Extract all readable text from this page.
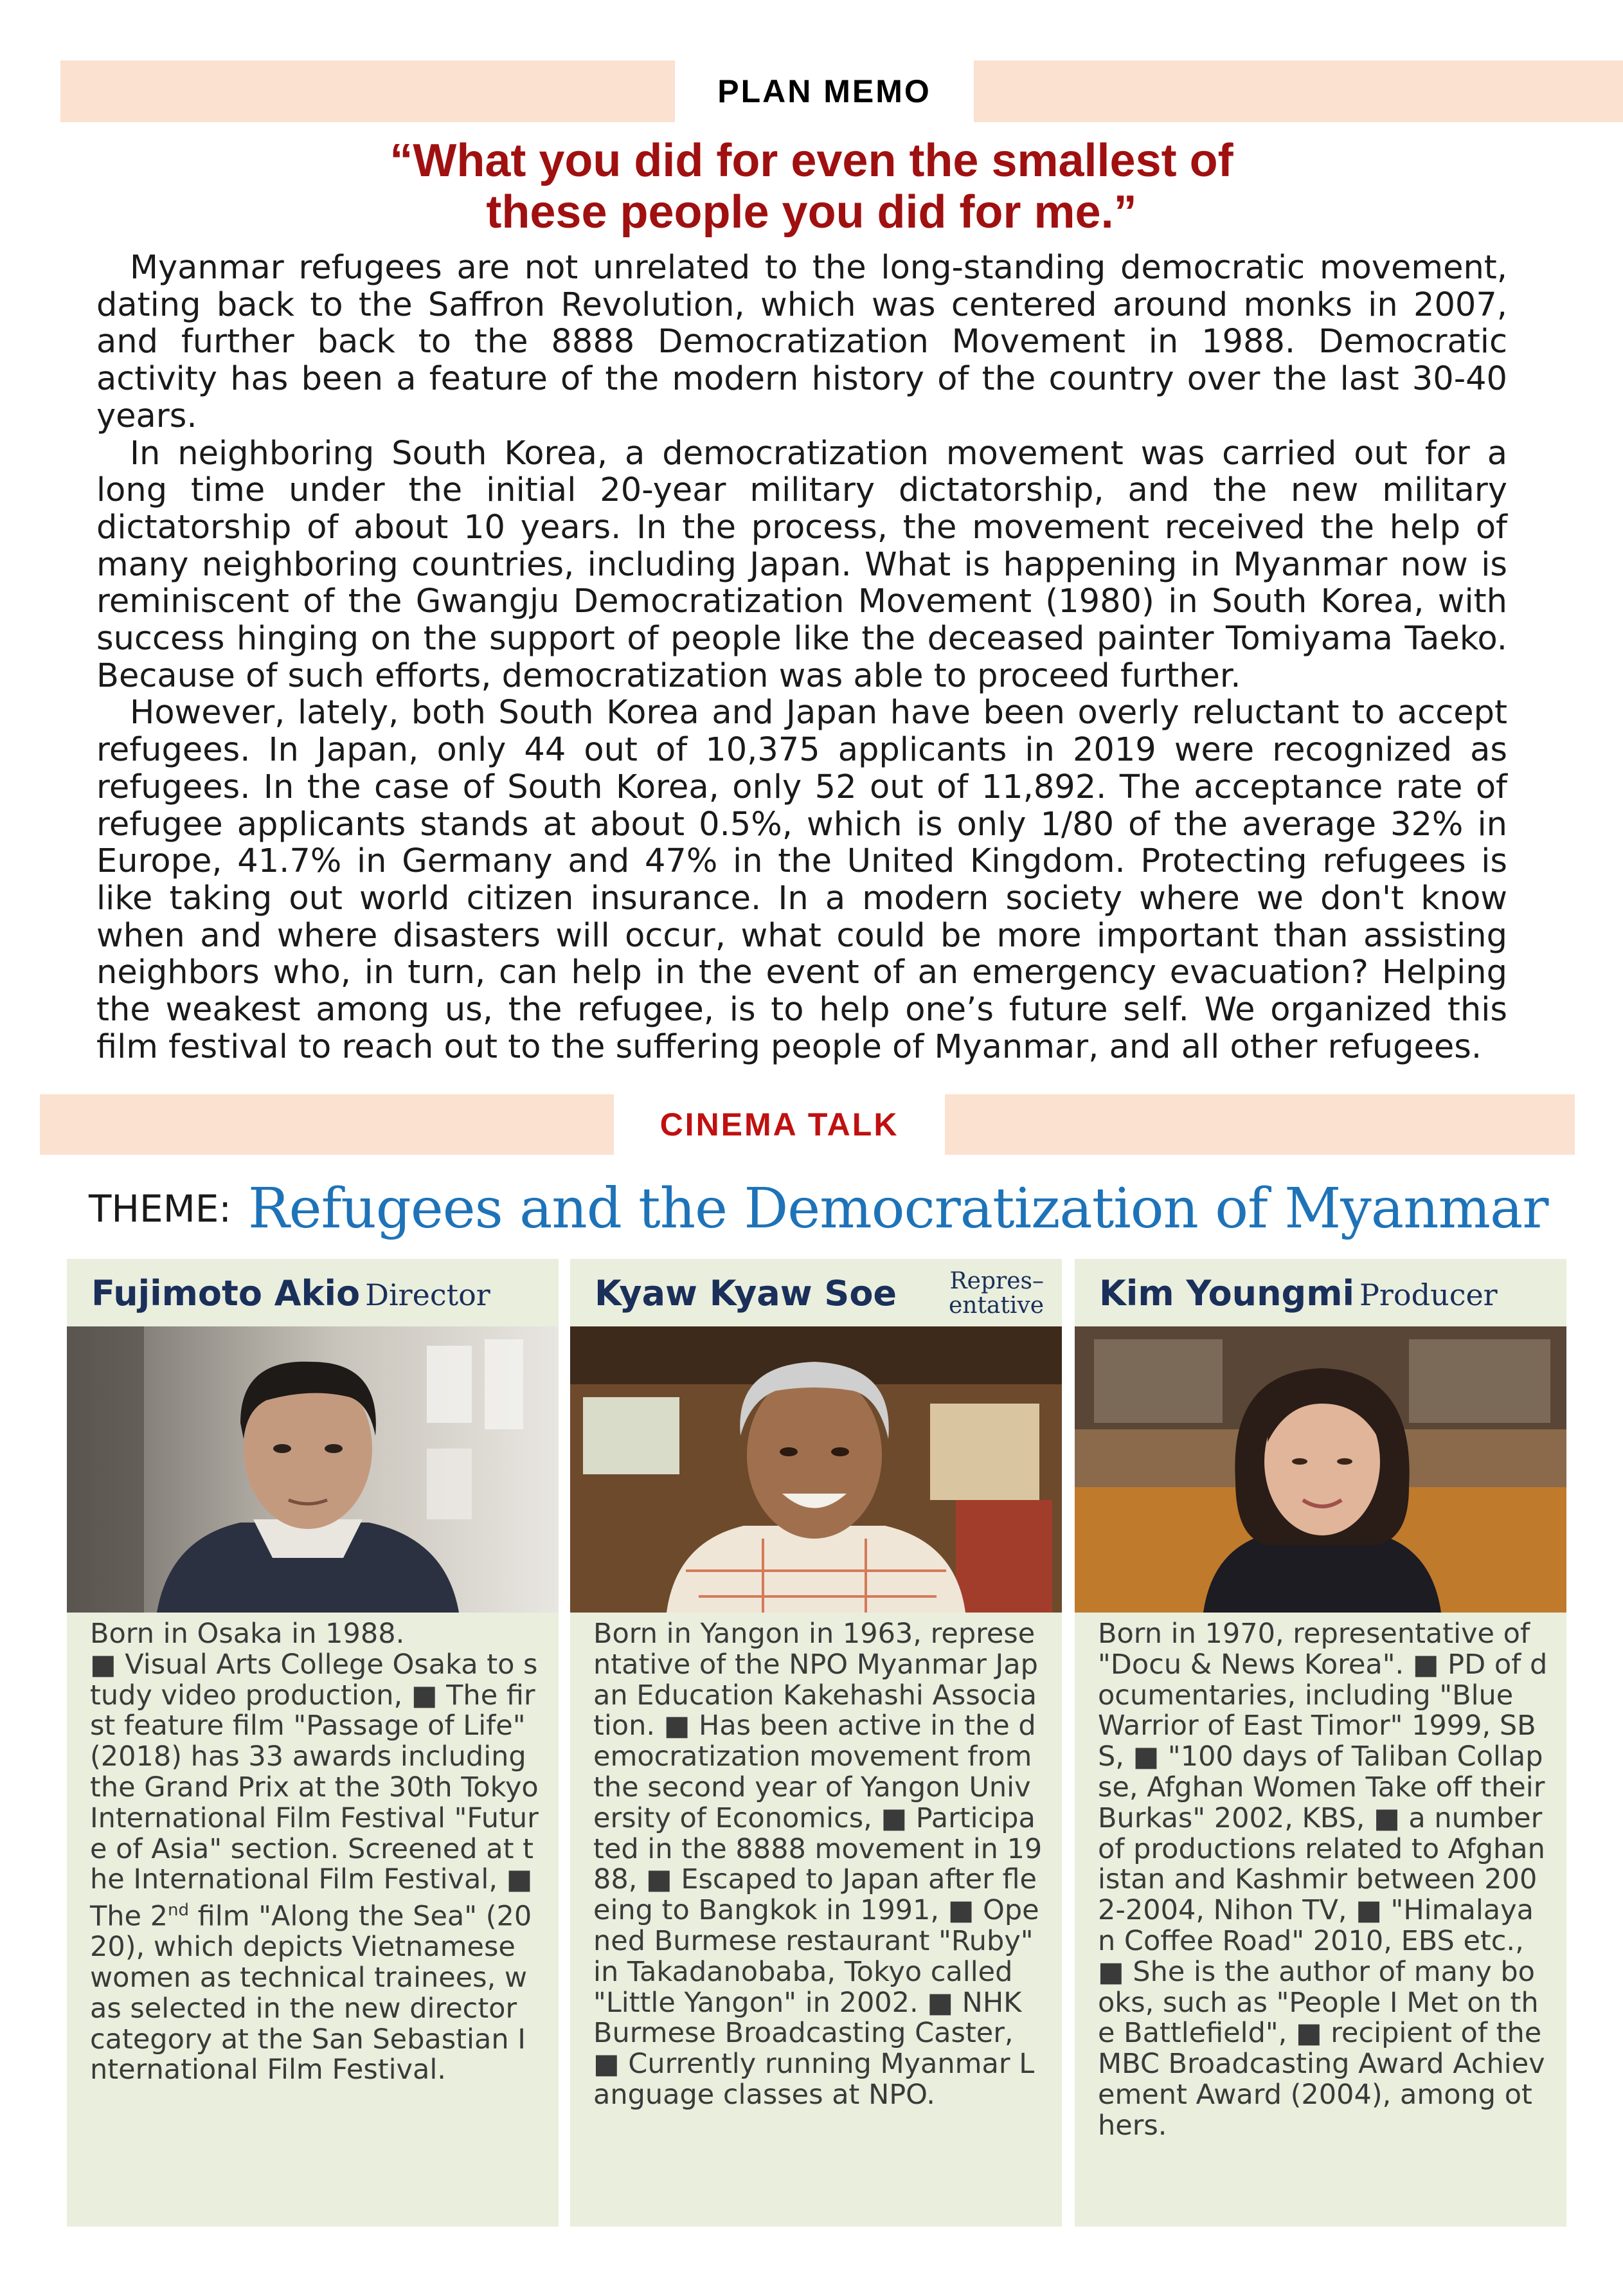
PLAN MEMO
“What you did for even the smallest of
these people you did for me.”

Myanmar refugees are not unrelated to the long-standing democratic movement, dating back to the Saffron Revolution, which was centered around monks in 2007, and further back to the 8888 Democratization Movement in 1988. Democratic activity has been a feature of the modern history of the country over the last 30-40 years.

In neighboring South Korea, a democratization movement was carried out for a long time under the initial 20-year military dictatorship, and the new military dictatorship of about 10 years. In the process, the movement received the help of many neighboring countries, including Japan. What is happening in Myanmar now is reminiscent of the Gwangju Democratization Movement (1980) in South Korea, with success hinging on the support of people like the deceased painter Tomiyama Taeko. Because of such efforts, democratization was able to proceed further.

However, lately, both South Korea and Japan have been overly reluctant to accept refugees. In Japan, only 44 out of 10,375 applicants in 2019 were recognized as refugees. In the case of South Korea, only 52 out of 11,892. The acceptance rate of refugee applicants stands at about 0.5%, which is only 1/80 of the average 32% in Europe, 41.7% in Germany and 47% in the United Kingdom. Protecting refugees is like taking out world citizen insurance. In a modern society where we don't know when and where disasters will occur, what could be more important than assisting neighbors who, in turn, can help in the event of an emergency evacuation? Helping the weakest among us, the refugee, is to help one’s future self. We organized this film festival to reach out to the suffering people of Myanmar, and all other refugees.

CINEMA TALK
THEME: Refugees and the Democratization of Myanmar
Fujimoto Akio Director
Born in Osaka in 1988.
■ Visual Arts College Osaka to study video production, ■ The first feature film "Passage of Life" (2018) has 33 awards including the Grand Prix at the 30th Tokyo International Film Festival "Future of Asia" section. Screened at the International Film Festival, ■ The 2nd film "Along the Sea" (2020), which depicts Vietnamese women as technical trainees, was selected in the new director category at the San Sebastian International Film Festival.
Kyaw Kyaw Soe Repres–
entative
Born in Yangon in 1963, representative of the NPO Myanmar Japan Education Kakehashi Association. ■ Has been active in the democratization movement from the second year of Yangon University of Economics, ■ Participated in the 8888 movement in 1988, ■ Escaped to Japan after fleeing to Bangkok in 1991, ■ Opened Burmese restaurant "Ruby" in Takadanobaba, Tokyo called "Little Yangon" in 2002. ■ NHK Burmese Broadcasting Caster, ■ Currently running Myanmar Language classes at NPO.
Kim Youngmi Producer
Born in 1970, representative of "Docu & News Korea". ■ PD of documentaries, including "Blue Warrior of East Timor" 1999, SBS, ■ "100 days of Taliban Collapse, Afghan Women Take off their Burkas" 2002, KBS, ■ a number of productions related to Afghanistan and Kashmir between 2002-2004, Nihon TV, ■ "Himalayan Coffee Road" 2010, EBS etc., ■ She is the author of many books, such as "People I Met on the Battlefield", ■ recipient of the MBC Broadcasting Award Achievement Award (2004), among others.
